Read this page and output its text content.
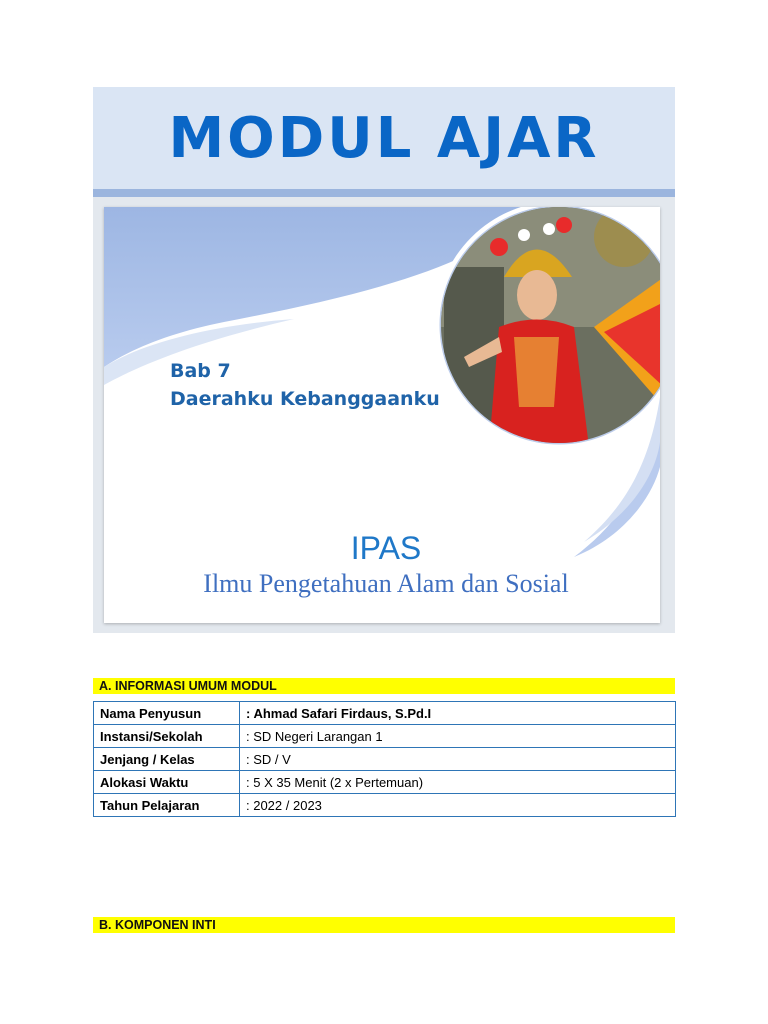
MODUL AJAR
Bab 7
Daerahku Kebanggaanku
IPAS
Ilmu Pengetahuan Alam dan Sosial
A. INFORMASI UMUM MODUL
Nama Penyusun	: Ahmad Safari Firdaus, S.Pd.I
Instansi/Sekolah	: SD Negeri Larangan 1
Jenjang / Kelas	: SD / V
Alokasi Waktu	: 5 X 35 Menit (2 x Pertemuan)
Tahun Pelajaran	: 2022 / 2023
B. KOMPONEN INTI
